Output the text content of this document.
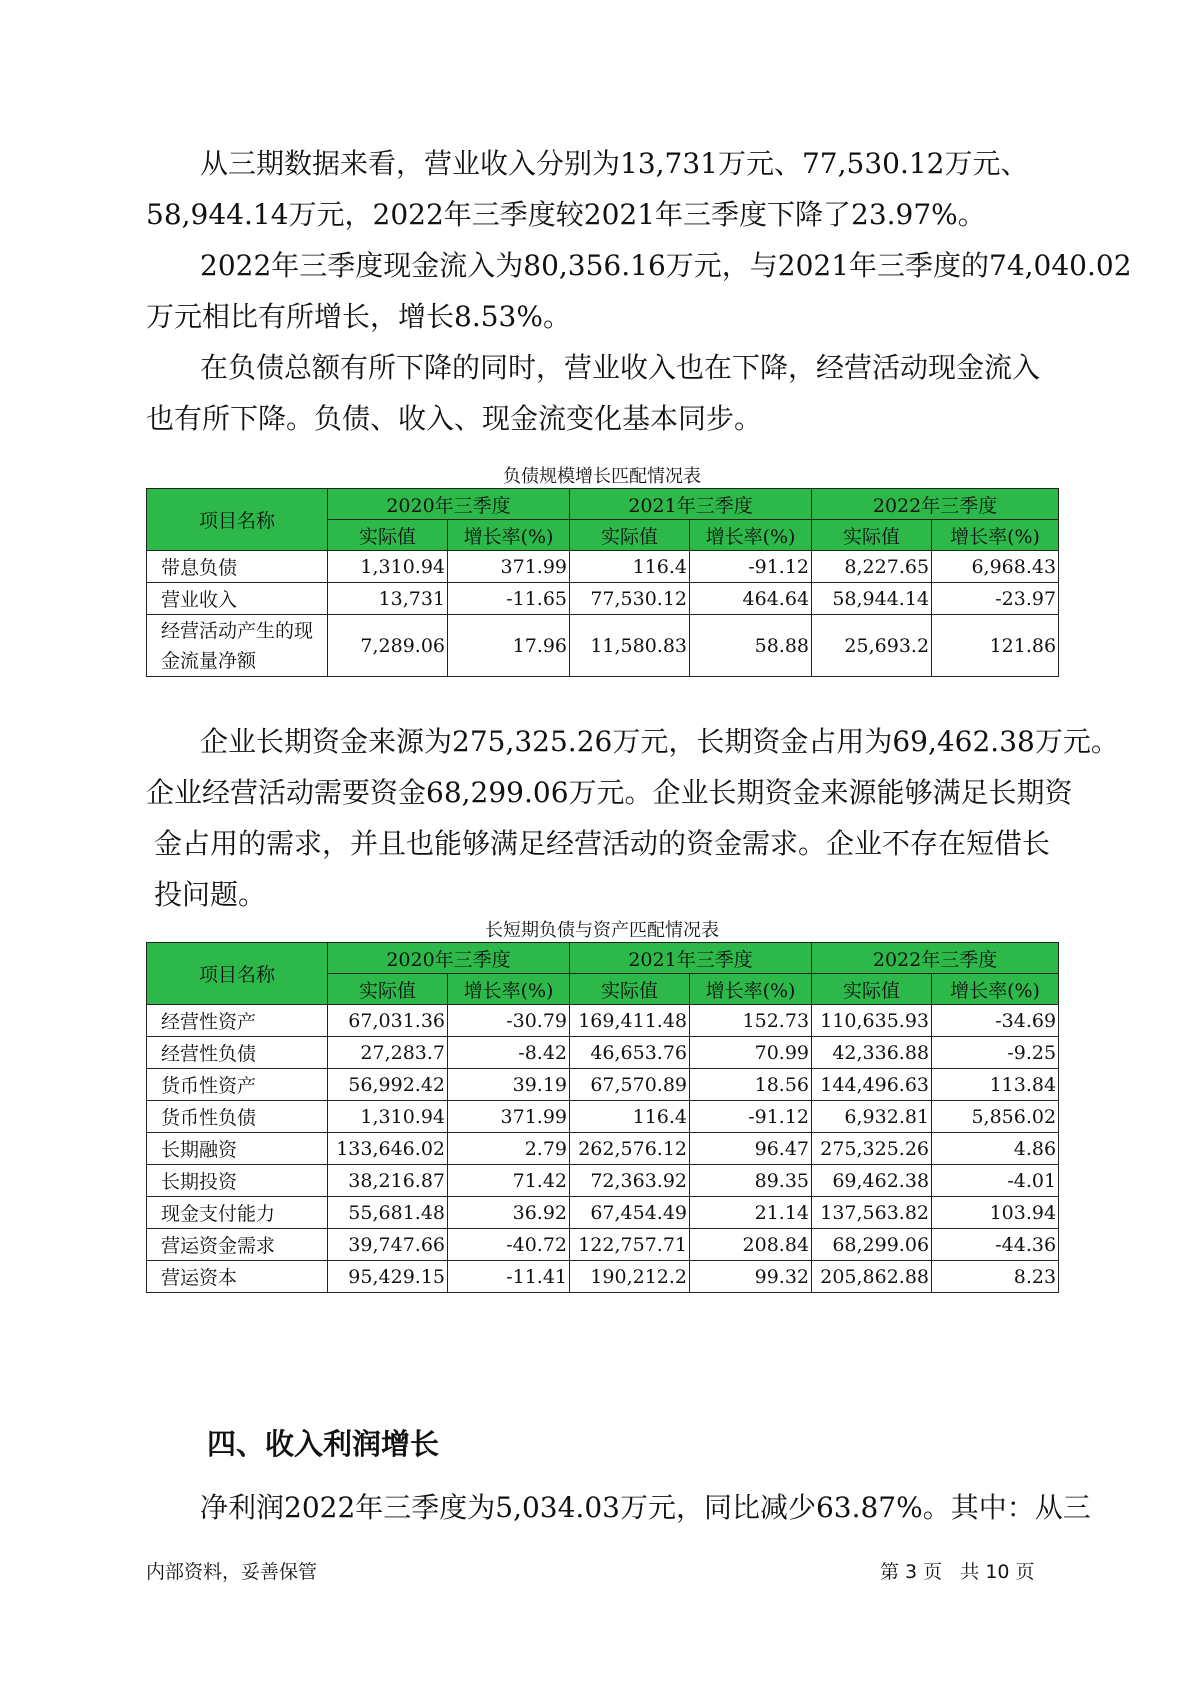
从三期数据来看，营业收入分别为13,731万元、77,530.12万元、
58,944.14万元，2022年三季度较2021年三季度下降了23.97%。
2022年三季度现金流入为80,356.16万元，与2021年三季度的74,040.02
万元相比有所增长，增长8.53%。
在负债总额有所下降的同时，营业收入也在下降，经营活动现金流入
也有所下降。负债、收入、现金流变化基本同步。
负债规模增长匹配情况表
项目名称	2020年三季度		2021年三季度		2022年三季度	
	实际值	增长率(%)	实际值	增长率(%)	实际值	增长率(%)
带息负债	1,310.94	371.99	116.4	-91.12	8,227.65	6,968.43
营业收入	13,731	-11.65	77,530.12	464.64	58,944.14	-23.97
经营活动产生的现金流量净额	7,289.06	17.96	11,580.83	58.88	25,693.2	121.86
企业长期资金来源为275,325.26万元，长期资金占用为69,462.38万元。
企业经营活动需要资金68,299.06万元。企业长期资金来源能够满足长期资
金占用的需求，并且也能够满足经营活动的资金需求。企业不存在短借长
投问题。
长短期负债与资产匹配情况表
项目名称	2020年三季度		2021年三季度		2022年三季度	
	实际值	增长率(%)	实际值	增长率(%)	实际值	增长率(%)
经营性资产	67,031.36	-30.79	169,411.48	152.73	110,635.93	-34.69
经营性负债	27,283.7	-8.42	46,653.76	70.99	42,336.88	-9.25
货币性资产	56,992.42	39.19	67,570.89	18.56	144,496.63	113.84
货币性负债	1,310.94	371.99	116.4	-91.12	6,932.81	5,856.02
长期融资	133,646.02	2.79	262,576.12	96.47	275,325.26	4.86
长期投资	38,216.87	71.42	72,363.92	89.35	69,462.38	-4.01
现金支付能力	55,681.48	36.92	67,454.49	21.14	137,563.82	103.94
营运资金需求	39,747.66	-40.72	122,757.71	208.84	68,299.06	-44.36
营运资本	95,429.15	-11.41	190,212.2	99.32	205,862.88	8.23
四、收入利润增长
净利润2022年三季度为5,034.03万元，同比减少63.87%。其中：从三
内部资料，妥善保管	第 3 页   共 10 页
